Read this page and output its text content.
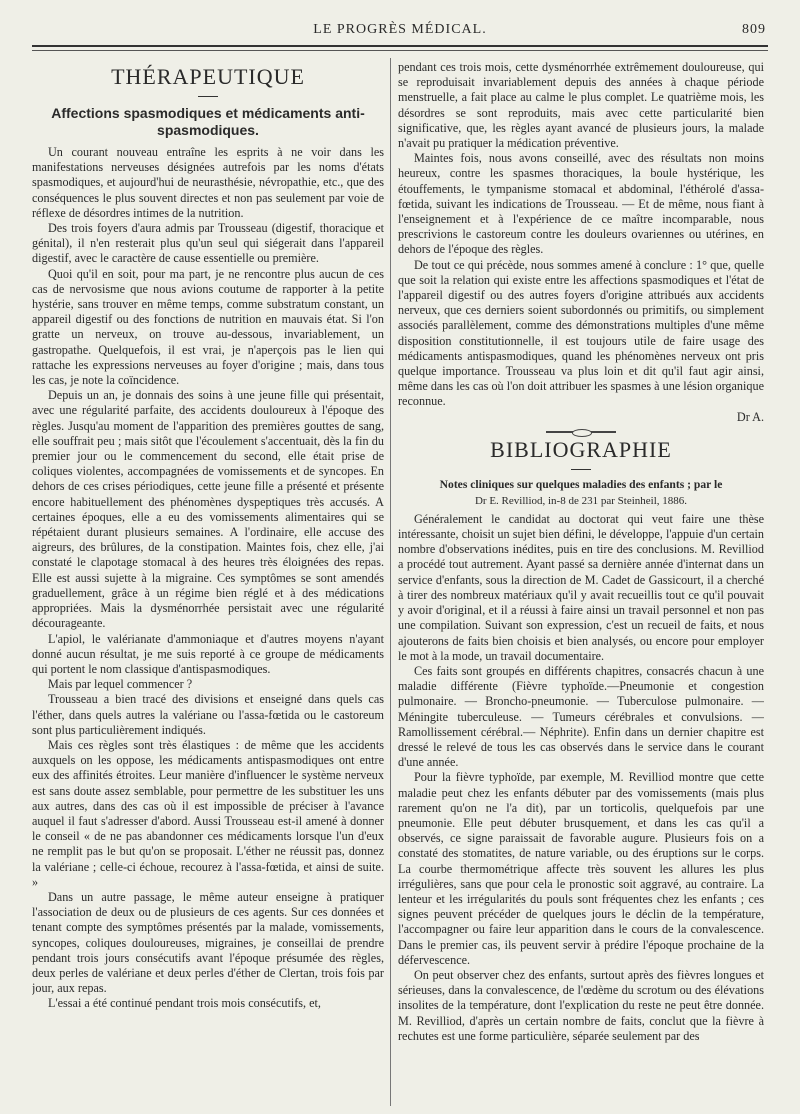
LE PROGRÈS MÉDICAL.	809
THÉRAPEUTIQUE
Affections spasmodiques et médicaments anti-spasmodiques.

Un courant nouveau entraîne les esprits à ne voir dans les manifestations nerveuses désignées autrefois par les noms d'états spasmodiques, et aujourd'hui de neurasthésie, névropathie, etc., que des conséquences le plus souvent directes et non pas seulement par voie de réflexe de désordres intimes de la nutrition.

Des trois foyers d'aura admis par Trousseau (digestif, thoracique et génital), il n'en resterait plus qu'un seul qui siégerait dans l'appareil digestif, avec le caractère de cause essentielle ou première.

Quoi qu'il en soit, pour ma part, je ne rencontre plus aucun de ces cas de nervosisme que nous avions coutume de rapporter à la petite hystérie, sans trouver en même temps, comme substratum constant, un appareil digestif ou des fonctions de nutrition en mauvais état. Si l'on gratte un nerveux, on trouve au-dessous, invariablement, un gastropathe. Quelquefois, il est vrai, je n'aperçois pas le lien qui rattache les expressions nerveuses au foyer d'origine ; mais, dans tous les cas, je note la coïncidence.

Depuis un an, je donnais des soins à une jeune fille qui présentait, avec une régularité parfaite, des accidents douloureux à l'époque des règles. Jusqu'au moment de l'apparition des premières gouttes de sang, elle souffrait peu ; mais sitôt que l'écoulement s'accentuait, dès la fin du premier jour ou le commencement du second, elle était prise de coliques violentes, accompagnées de vomissements et de syncopes. En dehors de ces crises périodiques, cette jeune fille a présenté et présente encore habituellement des phénomènes dyspeptiques très accusés. A certaines époques, elle a eu des vomissements alimentaires qui se répétaient durant plusieurs semaines. A l'ordinaire, elle accuse des aigreurs, des brûlures, de la constipation. Maintes fois, chez elle, j'ai constaté le clapotage stomacal à des heures très éloignées des repas. Elle est aussi sujette à la migraine. Ces symptômes se sont amendés graduellement, grâce à un régime bien réglé et à des médications appropriées. Mais la dysménorrhée persistait avec une régularité décourageante.

L'apiol, le valérianate d'ammoniaque et d'autres moyens n'ayant donné aucun résultat, je me suis reporté à ce groupe de médicaments qui portent le nom classique d'antispasmodiques.

Mais par lequel commencer ?

Trousseau a bien tracé des divisions et enseigné dans quels cas l'éther, dans quels autres la valériane ou l'assa-fœtida ou le castoreum sont plus particulièrement indiqués.

Mais ces règles sont très élastiques : de même que les accidents auxquels on les oppose, les médicaments antispasmodiques ont entre eux des affinités étroites. Leur manière d'influencer le système nerveux est sans doute assez semblable, pour permettre de les substituer les uns aux autres, dans des cas où il est impossible de préciser à l'avance auquel il faut s'adresser d'abord. Aussi Trousseau est-il amené à donner le conseil « de ne pas abandonner ces médicaments lorsque l'un d'eux ne remplit pas le but qu'on se proposait. L'éther ne réussit pas, donnez la valériane ; celle-ci échoue, recourez à l'assa-fœtida, et ainsi de suite. »

Dans un autre passage, le même auteur enseigne à pratiquer l'association de deux ou de plusieurs de ces agents. Sur ces données et tenant compte des symptômes présentés par la malade, vomissements, syncopes, coliques douloureuses, migraines, je conseillai de prendre pendant trois jours consécutifs avant l'époque présumée des règles, deux perles de valériane et deux perles d'éther de Clertan, trois fois par jour, aux repas.

L'essai a été continué pendant trois mois consécutifs, et,

pendant ces trois mois, cette dysménorrhée extrêmement douloureuse, qui se reproduisait invariablement depuis des années à chaque période menstruelle, a fait place au calme le plus complet. Le quatrième mois, les désordres se sont reproduits, mais avec cette particularité bien significative, que, les règles ayant avancé de plusieurs jours, la malade n'avait pu pratiquer la médication préventive.

Maintes fois, nous avons conseillé, avec des résultats non moins heureux, contre les spasmes thoraciques, la boule hystérique, les étouffements, le tympanisme stomacal et abdominal, l'éthérolé d'assa-fœtida, suivant les indications de Trousseau. — Et de même, nous fiant à l'enseignement et à l'expérience de ce maître incomparable, nous prescrivions le castoreum contre les douleurs ovariennes ou utérines, en dehors de l'époque des règles.

De tout ce qui précède, nous sommes amené à conclure : 1° que, quelle que soit la relation qui existe entre les affections spasmodiques et l'état de l'appareil digestif ou des autres foyers d'origine attribués aux accidents nerveux, que ces derniers soient subordonnés ou primitifs, ou simplement associés parallèlement, comme des démonstrations multiples d'une même disposition constitutionnelle, il est toujours utile de faire usage des médicaments antispasmodiques, quand les phénomènes nerveux ont pris quelque importance. Trousseau va plus loin et dit qu'il faut agir ainsi, même dans les cas où l'on doit attribuer les spasmes à une lésion organique reconnue.

Dr A.
BIBLIOGRAPHIE
Notes cliniques sur quelques maladies des enfants ; par le
Dr E. Revilliod, in-8 de 231 par Steinheil, 1886.

Généralement le candidat au doctorat qui veut faire une thèse intéressante, choisit un sujet bien défini, le développe, l'appuie d'un certain nombre d'observations inédites, puis en tire des conclusions. M. Revilliod a procédé tout autrement. Ayant passé sa dernière année d'internat dans un service d'enfants, sous la direction de M. Cadet de Gassicourt, il a cherché à tirer des nombreux matériaux qu'il y avait recueillis tout ce qu'il pouvait y avoir d'original, et il a réussi à faire ainsi un travail personnel et non pas une compilation. Suivant son expression, c'est un recueil de faits, et nous ajouterons de faits bien choisis et bien analysés, ou encore pour employer le mot à la mode, un travail documentaire.

Ces faits sont groupés en différents chapitres, consacrés chacun à une maladie différente (Fièvre typhoïde.—Pneumonie et congestion pulmonaire. — Broncho-pneumonie. — Tuberculose pulmonaire. — Méningite tuberculeuse. — Tumeurs cérébrales et convulsions. — Ramollissement cérébral.— Néphrite). Enfin dans un dernier chapitre est dressé le relevé de tous les cas observés dans le service dans le courant d'une année.

Pour la fièvre typhoïde, par exemple, M. Revilliod montre que cette maladie peut chez les enfants débuter par des vomissements (mais plus rarement qu'on ne l'a dit), par un torticolis, quelquefois par une pneumonie. Elle peut débuter brusquement, et dans les cas qu'il a observés, ce signe paraissait de favorable augure. Plusieurs fois on a constaté des stomatites, de nature variable, ou des éruptions sur le corps. La courbe thermométrique affecte très souvent les allures les plus irrégulières, sans que pour cela le pronostic soit aggravé, au contraire. La lenteur et les irrégularités du pouls sont fréquentes chez les enfants ; ces signes peuvent précéder de quelques jours le déclin de la température, l'accompagner ou faire leur apparition dans le cours de la convalescence. Dans le premier cas, ils peuvent servir à prédire l'époque prochaine de la défervescence.

On peut observer chez des enfants, surtout après des fièvres longues et sérieuses, dans la convalescence, de l'œdème du scrotum ou des élévations insolites de la température, dont l'explication du reste ne peut être donnée. M. Revilliod, d'après un certain nombre de faits, conclut que la fièvre à rechutes est une forme particulière, séparée seulement par des
